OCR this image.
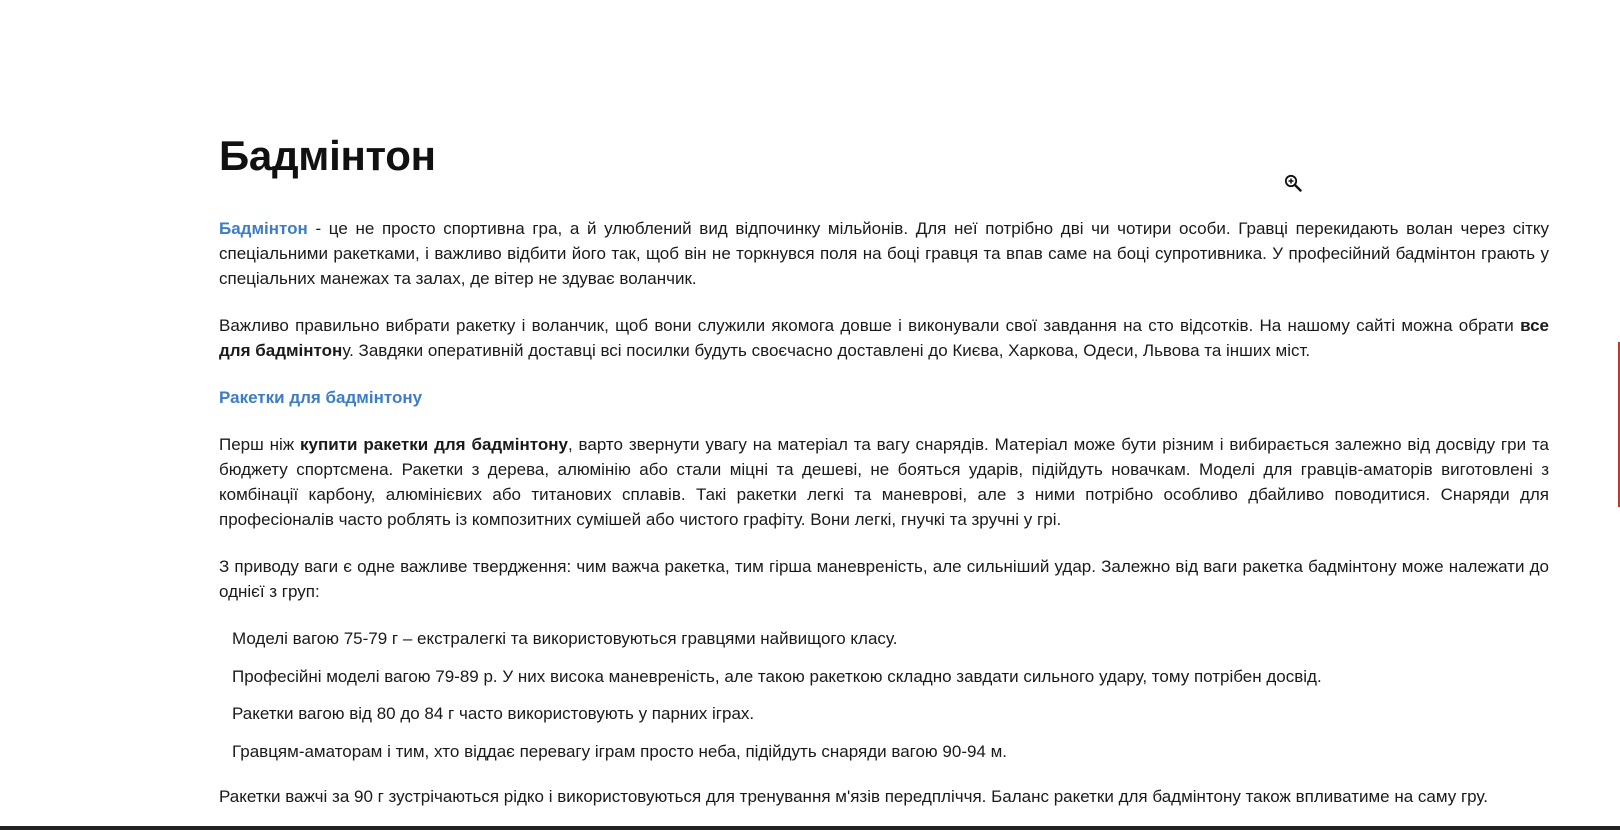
Бадмінтон

Бадмінтон - це не просто спортивна гра, а й улюблений вид відпочинку мільйонів. Для неї потрібно дві чи чотири особи. Гравці перекидають волан через сітку спеціальними ракетками, і важливо відбити його так, щоб він не торкнувся поля на боці гравця та впав саме на боці супротивника. У професійний бадмінтон грають у спеціальних манежах та залах, де вітер не здуває воланчик.

Важливо правильно вибрати ракетку і воланчик, щоб вони служили якомога довше і виконували свої завдання на сто відсотків. На нашому сайті можна обрати все для бадмінтону. Завдяки оперативній доставці всі посилки будуть своєчасно доставлені до Києва, Харкова, Одеси, Львова та інших міст.

Ракетки для бадмінтону

Перш ніж купити ракетки для бадмінтону, варто звернути увагу на матеріал та вагу снарядів. Матеріал може бути різним і вибирається залежно від досвіду гри та бюджету спортсмена. Ракетки з дерева, алюмінію або стали міцні та дешеві, не бояться ударів, підійдуть новачкам. Моделі для гравців-аматорів виготовлені з комбінації карбону, алюмінієвих або титанових сплавів. Такі ракетки легкі та маневрові, але з ними потрібно особливо дбайливо поводитися. Снаряди для професіоналів часто роблять із композитних сумішей або чистого графіту. Вони легкі, гнучкі та зручні у грі.

З приводу ваги є одне важливе твердження: чим важча ракетка, тим гірша маневреність, але сильніший удар. Залежно від ваги ракетка бадмінтону може належати до однієї з груп:

Моделі вагою 75-79 г – екстралегкі та використовуються гравцями найвищого класу.
Професійні моделі вагою 79-89 р. У них висока маневреність, але такою ракеткою складно завдати сильного удару, тому потрібен досвід.
Ракетки вагою від 80 до 84 г часто використовують у парних іграх.
Гравцям-аматорам і тим, хто віддає перевагу іграм просто неба, підійдуть снаряди вагою 90-94 м.

Ракетки важчі за 90 г зустрічаються рідко і використовуються для тренування м'язів передпліччя. Баланс ракетки для бадмінтону також впливатиме на саму гру.
